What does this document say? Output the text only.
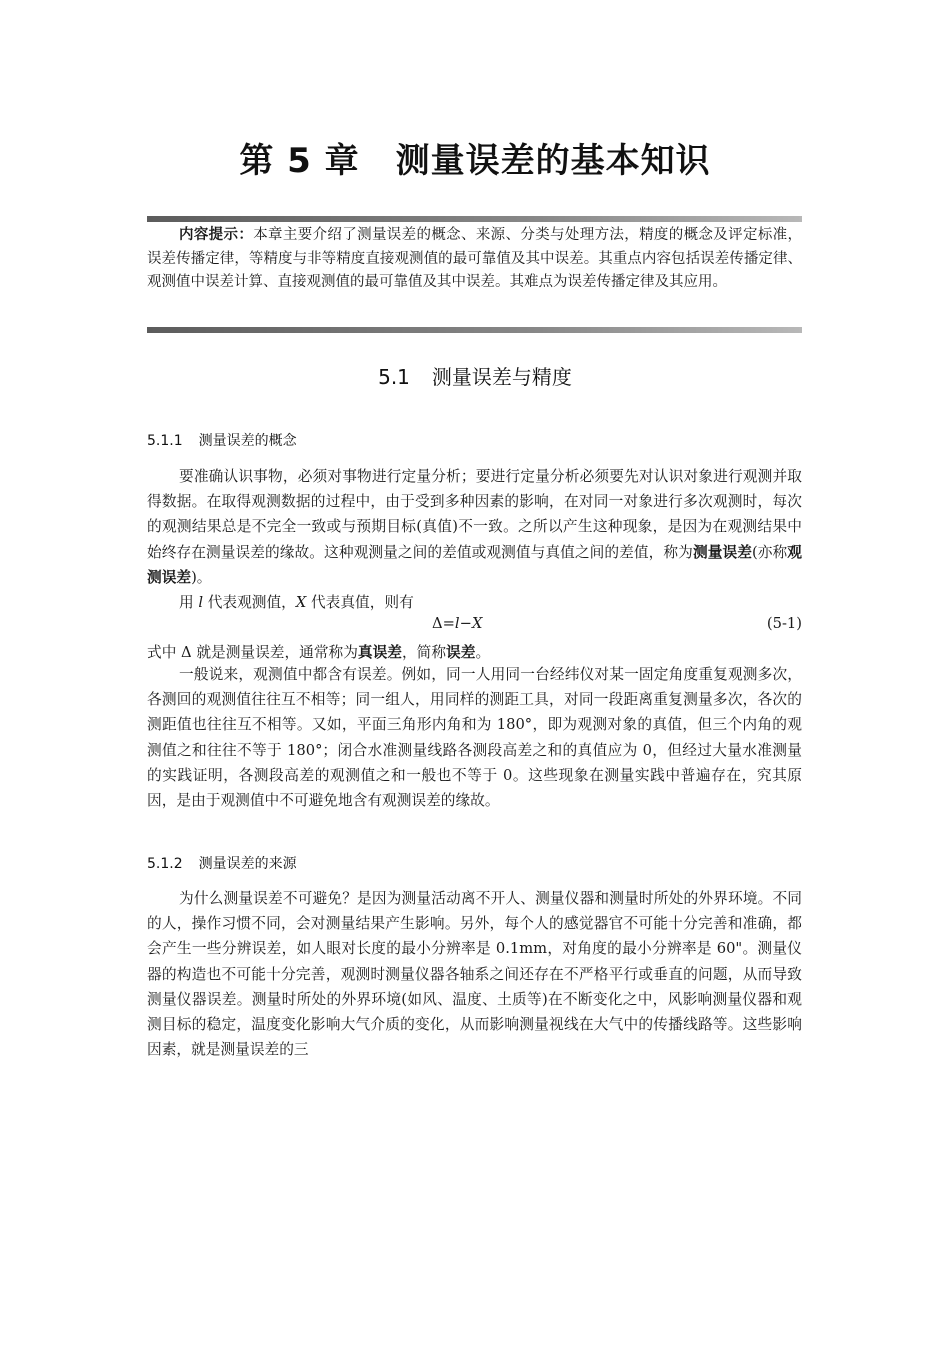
第 5 章 测量误差的基本知识
内容提示：本章主要介绍了测量误差的概念、来源、分类与处理方法，精度的概念及评定标准，误差传播定律，等精度与非等精度直接观测值的最可靠值及其中误差。其重点内容包括误差传播定律、观测值中误差计算、直接观测值的最可靠值及其中误差。其难点为误差传播定律及其应用。
5.1 测量误差与精度
5.1.1 测量误差的概念
要准确认识事物，必须对事物进行定量分析；要进行定量分析必须要先对认识对象进行观测并取得数据。在取得观测数据的过程中，由于受到多种因素的影响，在对同一对象进行多次观测时，每次的观测结果总是不完全一致或与预期目标(真值)不一致。之所以产生这种现象，是因为在观测结果中始终存在测量误差的缘故。这种观测量之间的差值或观测值与真值之间的差值，称为测量误差(亦称观测误差)。
用 l 代表观测值，X 代表真值，则有
Δ=l−X	(5-1)
式中 Δ 就是测量误差，通常称为真误差，简称误差。
一般说来，观测值中都含有误差。例如，同一人用同一台经纬仪对某一固定角度重复观测多次，各测回的观测值往往互不相等；同一组人，用同样的测距工具，对同一段距离重复测量多次，各次的测距值也往往互不相等。又如，平面三角形内角和为 180°，即为观测对象的真值，但三个内角的观测值之和往往不等于 180°；闭合水准测量线路各测段高差之和的真值应为 0，但经过大量水准测量的实践证明，各测段高差的观测值之和一般也不等于 0。这些现象在测量实践中普遍存在，究其原因，是由于观测值中不可避免地含有观测误差的缘故。
5.1.2 测量误差的来源
为什么测量误差不可避免？是因为测量活动离不开人、测量仪器和测量时所处的外界环境。不同的人，操作习惯不同，会对测量结果产生影响。另外，每个人的感觉器官不可能十分完善和准确，都会产生一些分辨误差，如人眼对长度的最小分辨率是 0.1mm，对角度的最小分辨率是 60"。测量仪器的构造也不可能十分完善，观测时测量仪器各轴系之间还存在不严格平行或垂直的问题，从而导致测量仪器误差。测量时所处的外界环境(如风、温度、土质等)在不断变化之中，风影响测量仪器和观测目标的稳定，温度变化影响大气介质的变化，从而影响测量视线在大气中的传播线路等。这些影响因素，就是测量误差的三
